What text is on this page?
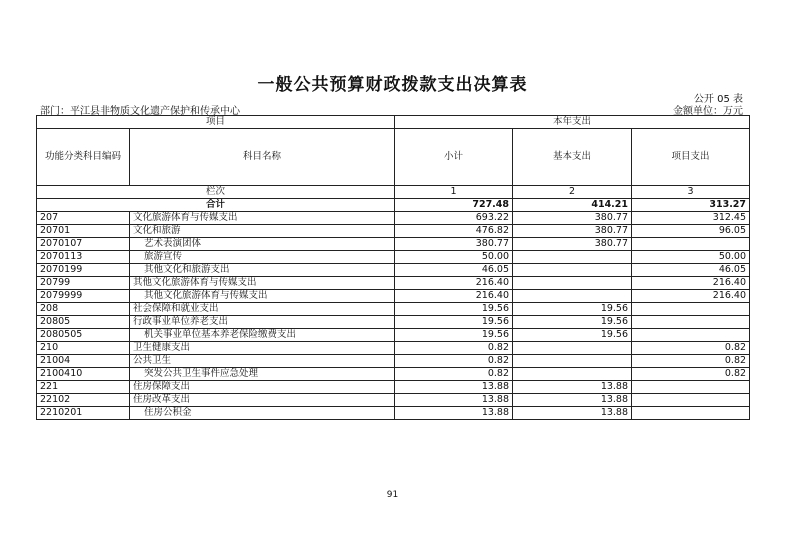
一般公共预算财政拨款支出决算表
公开 05 表
部门：平江县非物质文化遗产保护和传承中心	金额单位：万元
项目		本年支出		
功能分类科目编码	科目名称	小计	基本支出	项目支出
栏次		1	2	3
合计		727.48	414.21	313.27
207	文化旅游体育与传媒支出	693.22	380.77	312.45
20701	文化和旅游	476.82	380.77	96.05
2070107	艺术表演团体	380.77	380.77	
2070113	旅游宣传	50.00		50.00
2070199	其他文化和旅游支出	46.05		46.05
20799	其他文化旅游体育与传媒支出	216.40		216.40
2079999	其他文化旅游体育与传媒支出	216.40		216.40
208	社会保障和就业支出	19.56	19.56	
20805	行政事业单位养老支出	19.56	19.56	
2080505	机关事业单位基本养老保险缴费支出	19.56	19.56	
210	卫生健康支出	0.82		0.82
21004	公共卫生	0.82		0.82
2100410	突发公共卫生事件应急处理	0.82		0.82
221	住房保障支出	13.88	13.88	
22102	住房改革支出	13.88	13.88	
2210201	住房公积金	13.88	13.88	
91
